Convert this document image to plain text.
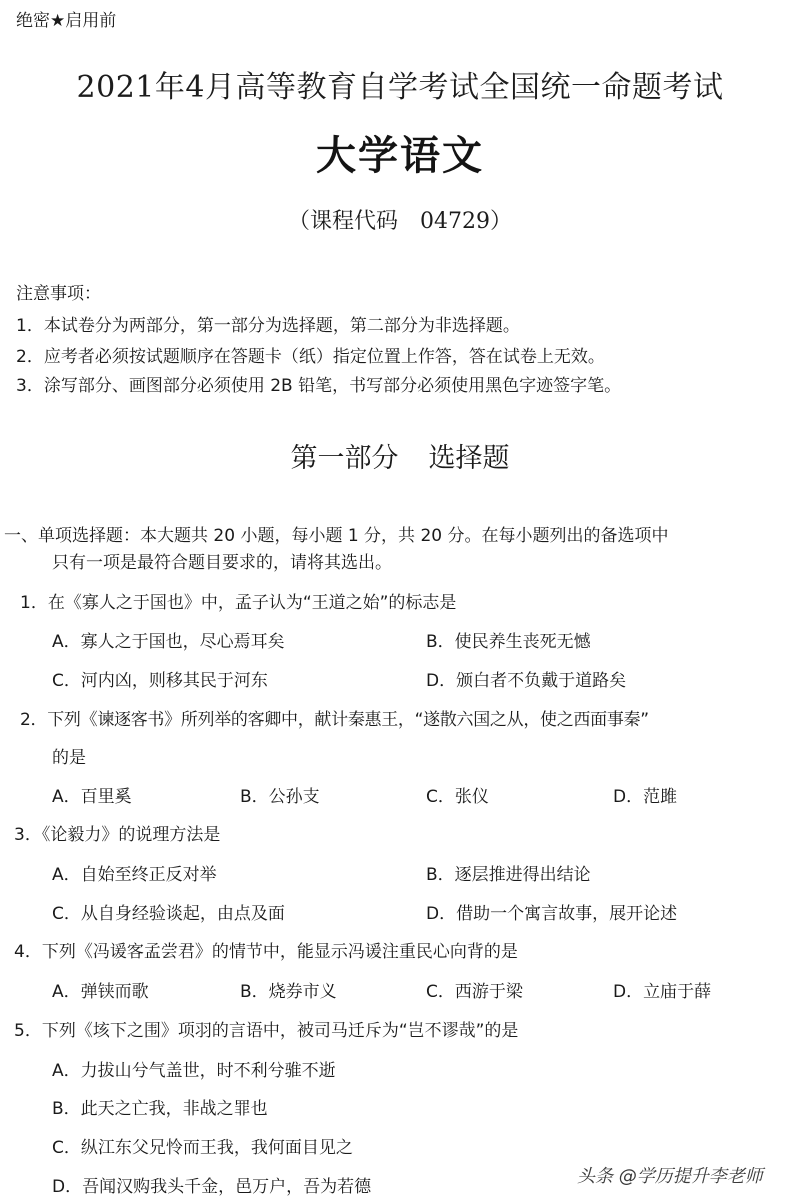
绝密★启用前
2021年4月高等教育自学考试全国统一命题考试
大学语文
（课程代码　04729）
注意事项：
1．本试卷分为两部分，第一部分为选择题，第二部分为非选择题。
2．应考者必须按试题顺序在答题卡（纸）指定位置上作答，答在试卷上无效。
3．涂写部分、画图部分必须使用 2B 铅笔，书写部分必须使用黑色字迹签字笔。
第一部分 选择题
一、单项选择题：本大题共 20 小题，每小题 1 分，共 20 分。在每小题列出的备选项中
只有一项是最符合题目要求的，请将其选出。
1．在《寡人之于国也》中，孟子认为“王道之始”的标志是
A．寡人之于国也，尽心焉耳矣	B．使民养生丧死无憾
C．河内凶，则移其民于河东	D．颁白者不负戴于道路矣
2．下列《谏逐客书》所列举的客卿中，献计秦惠王，“遂散六国之从，使之西面事秦”
的是
A．百里奚	B．公孙支	C．张仪	D．范雎
3．《论毅力》的说理方法是
A．自始至终正反对举	B．逐层推进得出结论
C．从自身经验谈起，由点及面	D．借助一个寓言故事，展开论述
4．下列《冯谖客孟尝君》的情节中，能显示冯谖注重民心向背的是
A．弹铗而歌	B．烧券市义	C．西游于梁	D．立庙于薛
5．下列《垓下之围》项羽的言语中，被司马迁斥为“岂不谬哉”的是
A．力拔山兮气盖世，时不利兮骓不逝
B．此天之亡我，非战之罪也
C．纵江东父兄怜而王我，我何面目见之
D．吾闻汉购我头千金，邑万户，吾为若德	头条 @学历提升李老师
